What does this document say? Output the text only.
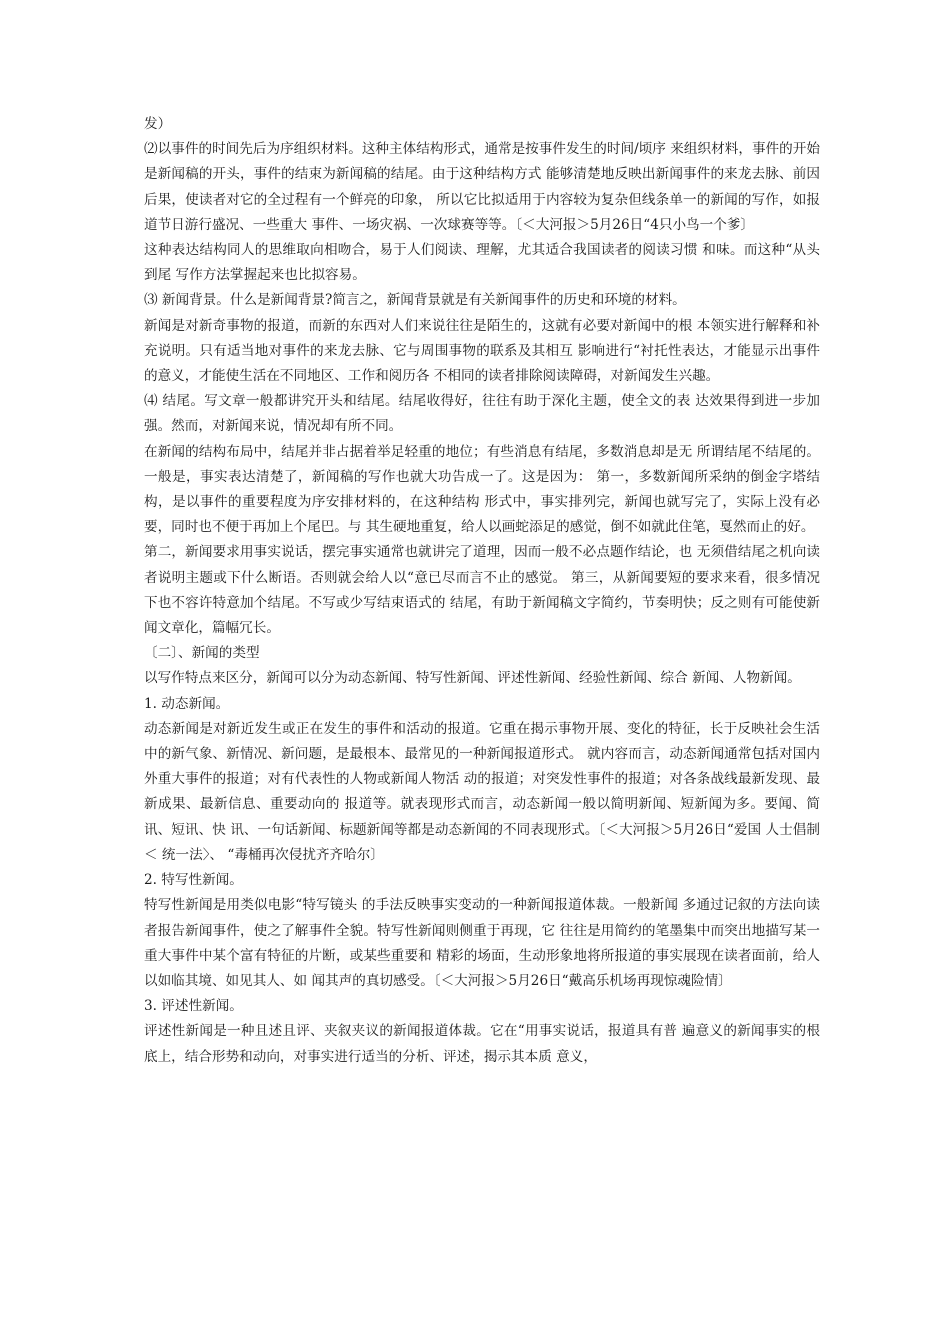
发）

⑵以事件的时间先后为序组织材料。这种主体结构形式，通常是按事件发生的时间/顷序 来组织材料，事件的开始是新闻稿的开头，事件的结束为新闻稿的结尾。由于这种结构方式 能够清楚地反映出新闻事件的来龙去脉、前因后果，使读者对它的全过程有一个鲜亮的印象， 所以它比拟适用于内容较为复杂但线条单一的新闻的写作，如报道节日游行盛况、一些重大 事件、一场灾祸、一次球赛等等。〔＜大河报＞5月26日“4只小鸟一个爹〕

这种表达结构同人的思维取向相吻合，易于人们阅读、理解，尤其适合我国读者的阅读习惯 和味。而这种“从头到尾 写作方法掌握起来也比拟容易。

⑶ 新闻背景。什么是新闻背景?简言之，新闻背景就是有关新闻事件的历史和环境的材料。

新闻是对新奇事物的报道，而新的东西对人们来说往往是陌生的，这就有必要对新闻中的根 本领实进行解释和补充说明。只有适当地对事件的来龙去脉、它与周围事物的联系及其相互 影响进行“衬托性表达，才能显示出事件的意义，才能使生活在不同地区、工作和阅历各 不相同的读者排除阅读障碍，对新闻发生兴趣。

⑷ 结尾。写文章一般都讲究开头和结尾。结尾收得好，往往有助于深化主题，使全文的表 达效果得到进一步加强。然而，对新闻来说，情况却有所不同。

在新闻的结构布局中，结尾并非占据着举足轻重的地位；有些消息有结尾，多数消息却是无 所谓结尾不结尾的。一般是，事实表达清楚了，新闻稿的写作也就大功告成一了。这是因为： 第一，多数新闻所采纳的倒金字塔结构，是以事件的重要程度为序安排材料的，在这种结构 形式中，事实排列完，新闻也就写完了，实际上没有必要，同时也不便于再加上个尾巴。与 其生硬地重复，给人以画蛇添足的感觉，倒不如就此住笔，戛然而止的好。

第二，新闻要求用事实说话，摆完事实通常也就讲完了道理，因而一般不必点题作结论，也 无须借结尾之机向读者说明主题或下什么断语。否则就会给人以“意已尽而言不止的感觉。 第三，从新闻要短的要求来看，很多情况下也不容许特意加个结尾。不写或少写结束语式的 结尾，有助于新闻稿文字简约，节奏明快；反之则有可能使新闻文章化，篇幅冗长。

〔二〕、新闻的类型

以写作特点来区分，新闻可以分为动态新闻、特写性新闻、评述性新闻、经验性新闻、综合 新闻、人物新闻。

1. 动态新闻。

动态新闻是对新近发生或正在发生的事件和活动的报道。它重在揭示事物开展、变化的特征，长于反映社会生活中的新气象、新情况、新问题，是最根本、最常见的一种新闻报道形式。 就内容而言，动态新闻通常包括对国内外重大事件的报道；对有代表性的人物或新闻人物活 动的报道；对突发性事件的报道；对各条战线最新发现、最新成果、最新信息、重要动向的 报道等。就表现形式而言，动态新闻一般以简明新闻、短新闻为多。要闻、简讯、短讯、快 讯、一句话新闻、标题新闻等都是动态新闻的不同表现形式。〔＜大河报＞5月26日“爱国 人士倡制＜ 统一法〉、 “毒桶再次侵扰齐齐哈尔〕

2. 特写性新闻。

特写性新闻是用类似电影“特写镜头 的手法反映事实变动的一种新闻报道体裁。一般新闻 多通过记叙的方法向读者报告新闻事件，使之了解事件全貌。特写性新闻则侧重于再现，它 往往是用简约的笔墨集中而突出地描写某一重大事件中某个富有特征的片断，或某些重要和 精彩的场面，生动形象地将所报道的事实展现在读者面前，给人以如临其境、如见其人、如 闻其声的真切感受。〔＜大河报＞5月26日“戴高乐机场再现惊魂险情〕

3. 评述性新闻。

评述性新闻是一种且述且评、夹叙夹议的新闻报道体裁。它在“用事实说话，报道具有普 遍意义的新闻事实的根底上，结合形势和动向，对事实进行适当的分析、评述，揭示其本质 意义，
